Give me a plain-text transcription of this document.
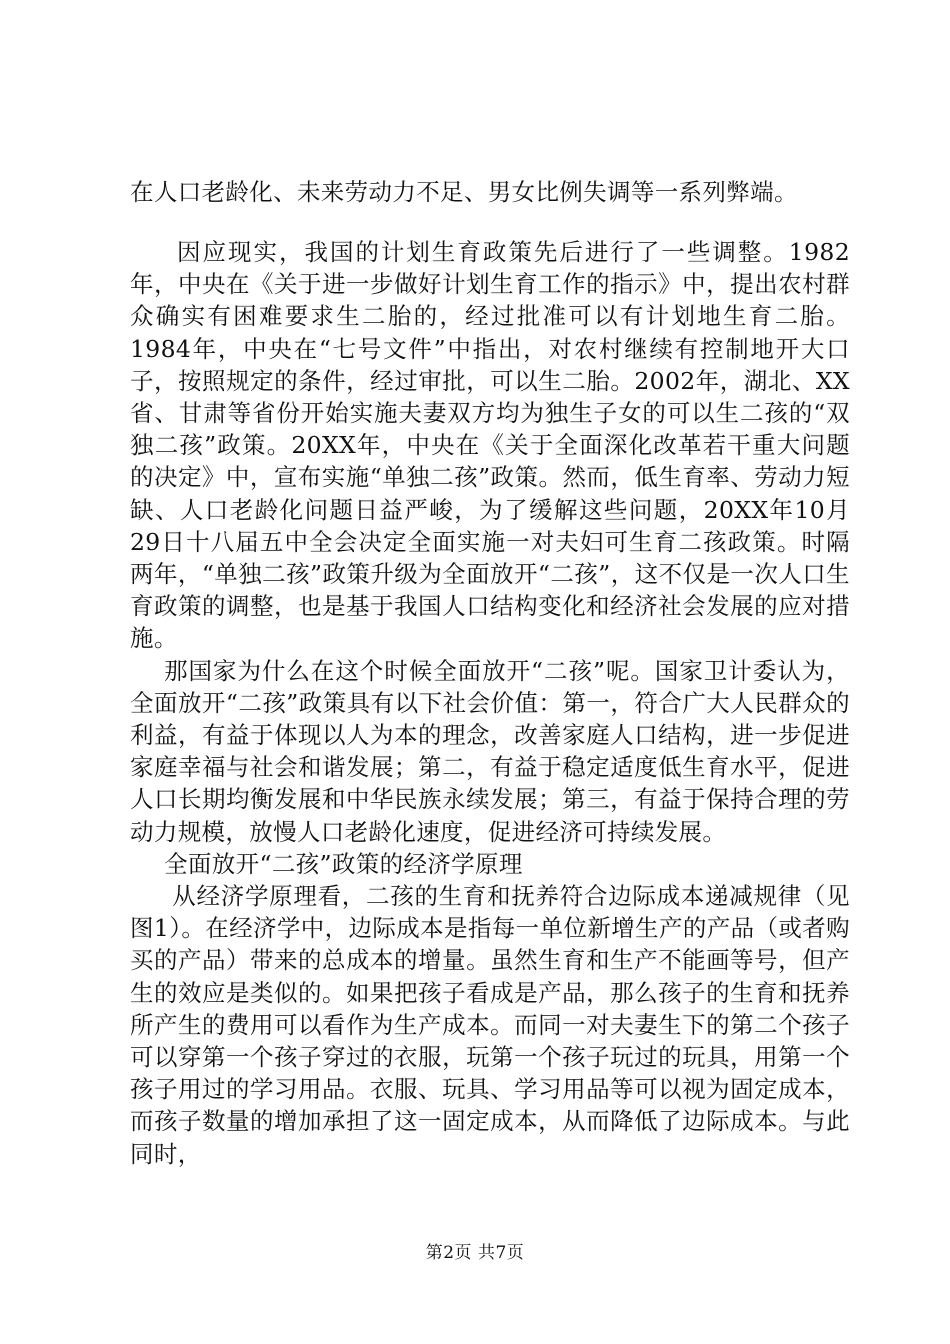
在人口老龄化、未来劳动力不足、男女比例失调等一系列弊端。

因应现实，我国的计划生育政策先后进行了一些调整。1982年，中央在《关于进一步做好计划生育工作的指示》中，提出农村群众确实有困难要求生二胎的，经过批准可以有计划地生育二胎。1984年，中央在“七号文件”中指出，对农村继续有控制地开大口子，按照规定的条件，经过审批，可以生二胎。2002年，湖北、XX省、甘肃等省份开始实施夫妻双方均为独生子女的可以生二孩的“双独二孩”政策。20XX年，中央在《关于全面深化改革若干重大问题的决定》中，宣布实施“单独二孩”政策。然而，低生育率、劳动力短缺、人口老龄化问题日益严峻，为了缓解这些问题，20XX年10月29日十八届五中全会决定全面实施一对夫妇可生育二孩政策。时隔两年，“单独二孩”政策升级为全面放开“二孩”，这不仅是一次人口生育政策的调整，也是基于我国人口结构变化和经济社会发展的应对措施。

那国家为什么在这个时候全面放开“二孩”呢。国家卫计委认为，全面放开“二孩”政策具有以下社会价值：第一，符合广大人民群众的利益，有益于体现以人为本的理念，改善家庭人口结构，进一步促进家庭幸福与社会和谐发展；第二，有益于稳定适度低生育水平，促进人口长期均衡发展和中华民族永续发展；第三，有益于保持合理的劳动力规模，放慢人口老龄化速度，促进经济可持续发展。

全面放开“二孩”政策的经济学原理

从经济学原理看，二孩的生育和抚养符合边际成本递减规律（见图1）。在经济学中，边际成本是指每一单位新增生产的产品（或者购买的产品）带来的总成本的增量。虽然生育和生产不能画等号，但产生的效应是类似的。如果把孩子看成是产品，那么孩子的生育和抚养所产生的费用可以看作为生产成本。而同一对夫妻生下的第二个孩子可以穿第一个孩子穿过的衣服，玩第一个孩子玩过的玩具，用第一个孩子用过的学习用品。衣服、玩具、学习用品等可以视为固定成本，而孩子数量的增加承担了这一固定成本，从而降低了边际成本。与此同时，

第2页 共7页
